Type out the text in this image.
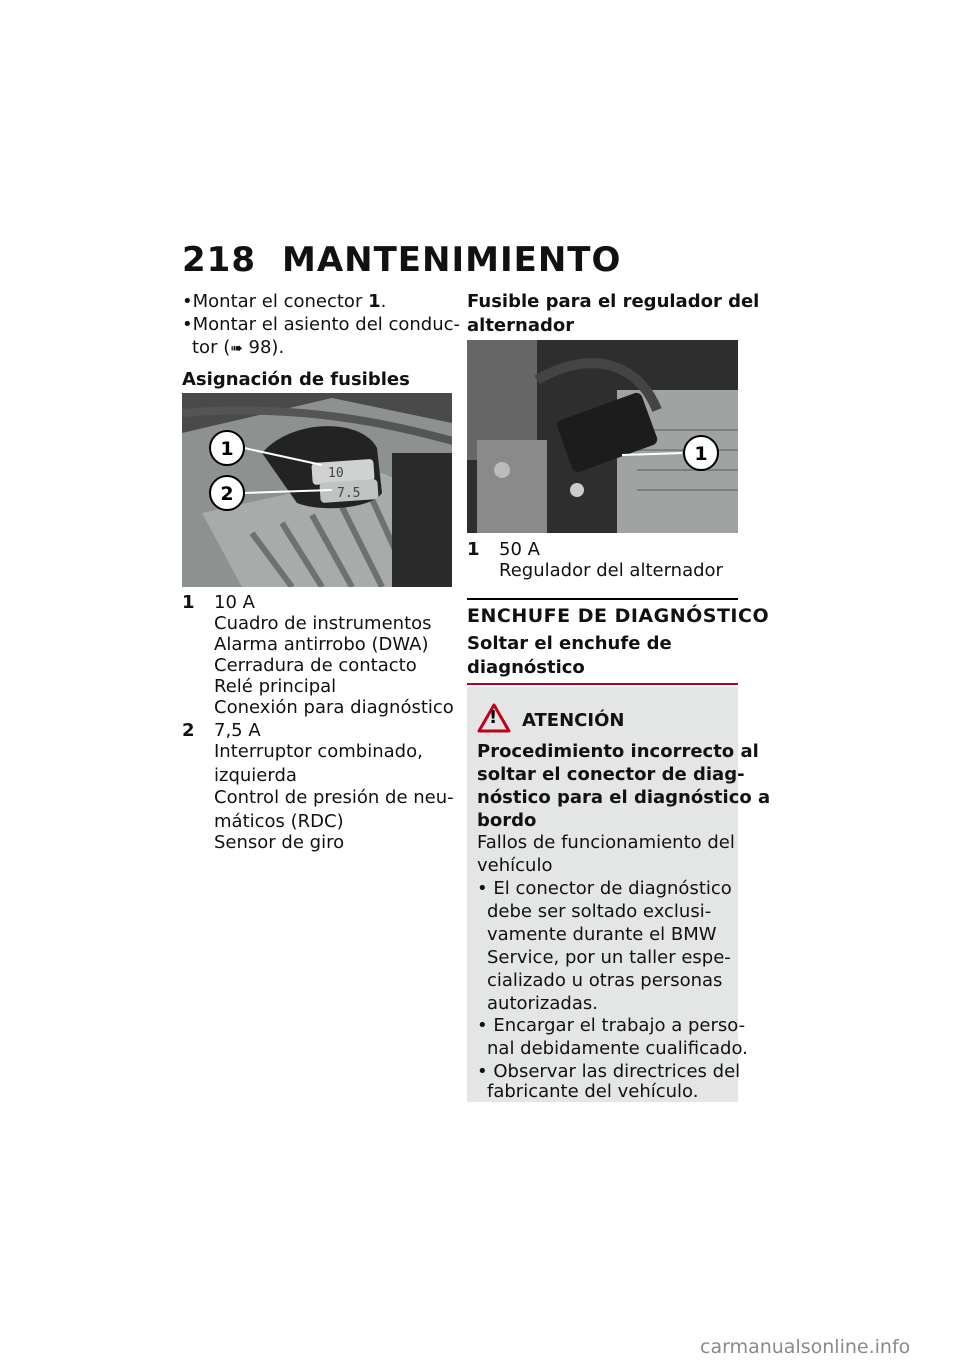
218 MANTENIMIENTO
•Montar el conector 1.
•Montar el asiento del conduc-
tor (➠ 98).
Asignación de fusibles
10
7.5
1
2
1 10 A
Cuadro de instrumentos
Alarma antirrobo (DWA)
Cerradura de contacto
Relé principal
Conexión para diagnóstico
2 7,5 A
Interruptor combinado,
izquierda
Control de presión de neu-
máticos (RDC)
Sensor de giro
Fusible para el regulador del
alternador
1
1 50 A
Regulador del alternador
ENCHUFE DE DIAGNÓSTICO
Soltar el enchufe de
diagnóstico
! ATENCIÓN
Procedimiento incorrecto al
soltar el conector de diag-
nóstico para el diagnóstico a
bordo
Fallos de funcionamiento del
vehículo
• El conector de diagnóstico
debe ser soltado exclusi-
vamente durante el BMW
Service, por un taller espe-
cializado u otras personas
autorizadas.
• Encargar el trabajo a perso-
nal debidamente cualificado.
• Observar las directrices del
fabricante del vehículo.
carmanualsonline.info
